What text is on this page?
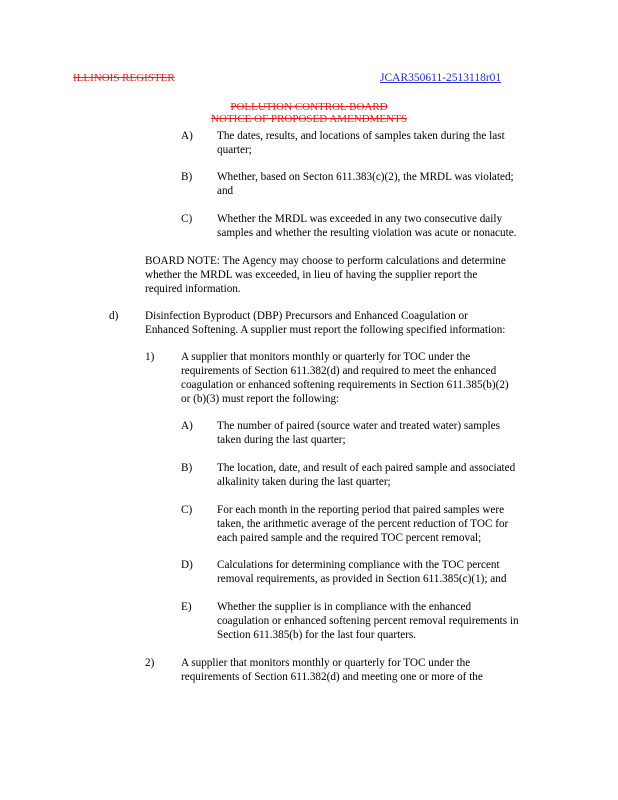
ILLINOIS REGISTER	JCAR350611-2513118r01
POLLUTION CONTROL BOARD
NOTICE OF PROPOSED AMENDMENTS
A) The dates, results, and locations of samples taken during the last
quarter;
B) Whether, based on Secton 611.383(c)(2), the MRDL was violated;
and
C) Whether the MRDL was exceeded in any two consecutive daily
samples and whether the resulting violation was acute or nonacute.
BOARD NOTE: The Agency may choose to perform calculations and determine
whether the MRDL was exceeded, in lieu of having the supplier report the
required information.
d) Disinfection Byproduct (DBP) Precursors and Enhanced Coagulation or
Enhanced Softening. A supplier must report the following specified information:
1) A supplier that monitors monthly or quarterly for TOC under the
requirements of Section 611.382(d) and required to meet the enhanced
coagulation or enhanced softening requirements in Section 611.385(b)(2)
or (b)(3) must report the following:
A) The number of paired (source water and treated water) samples
taken during the last quarter;
B) The location, date, and result of each paired sample and associated
alkalinity taken during the last quarter;
C) For each month in the reporting period that paired samples were
taken, the arithmetic average of the percent reduction of TOC for
each paired sample and the required TOC percent removal;
D) Calculations for determining compliance with the TOC percent
removal requirements, as provided in Section 611.385(c)(1); and
E) Whether the supplier is in compliance with the enhanced
coagulation or enhanced softening percent removal requirements in
Section 611.385(b) for the last four quarters.
2) A supplier that monitors monthly or quarterly for TOC under the
requirements of Section 611.382(d) and meeting one or more of the
